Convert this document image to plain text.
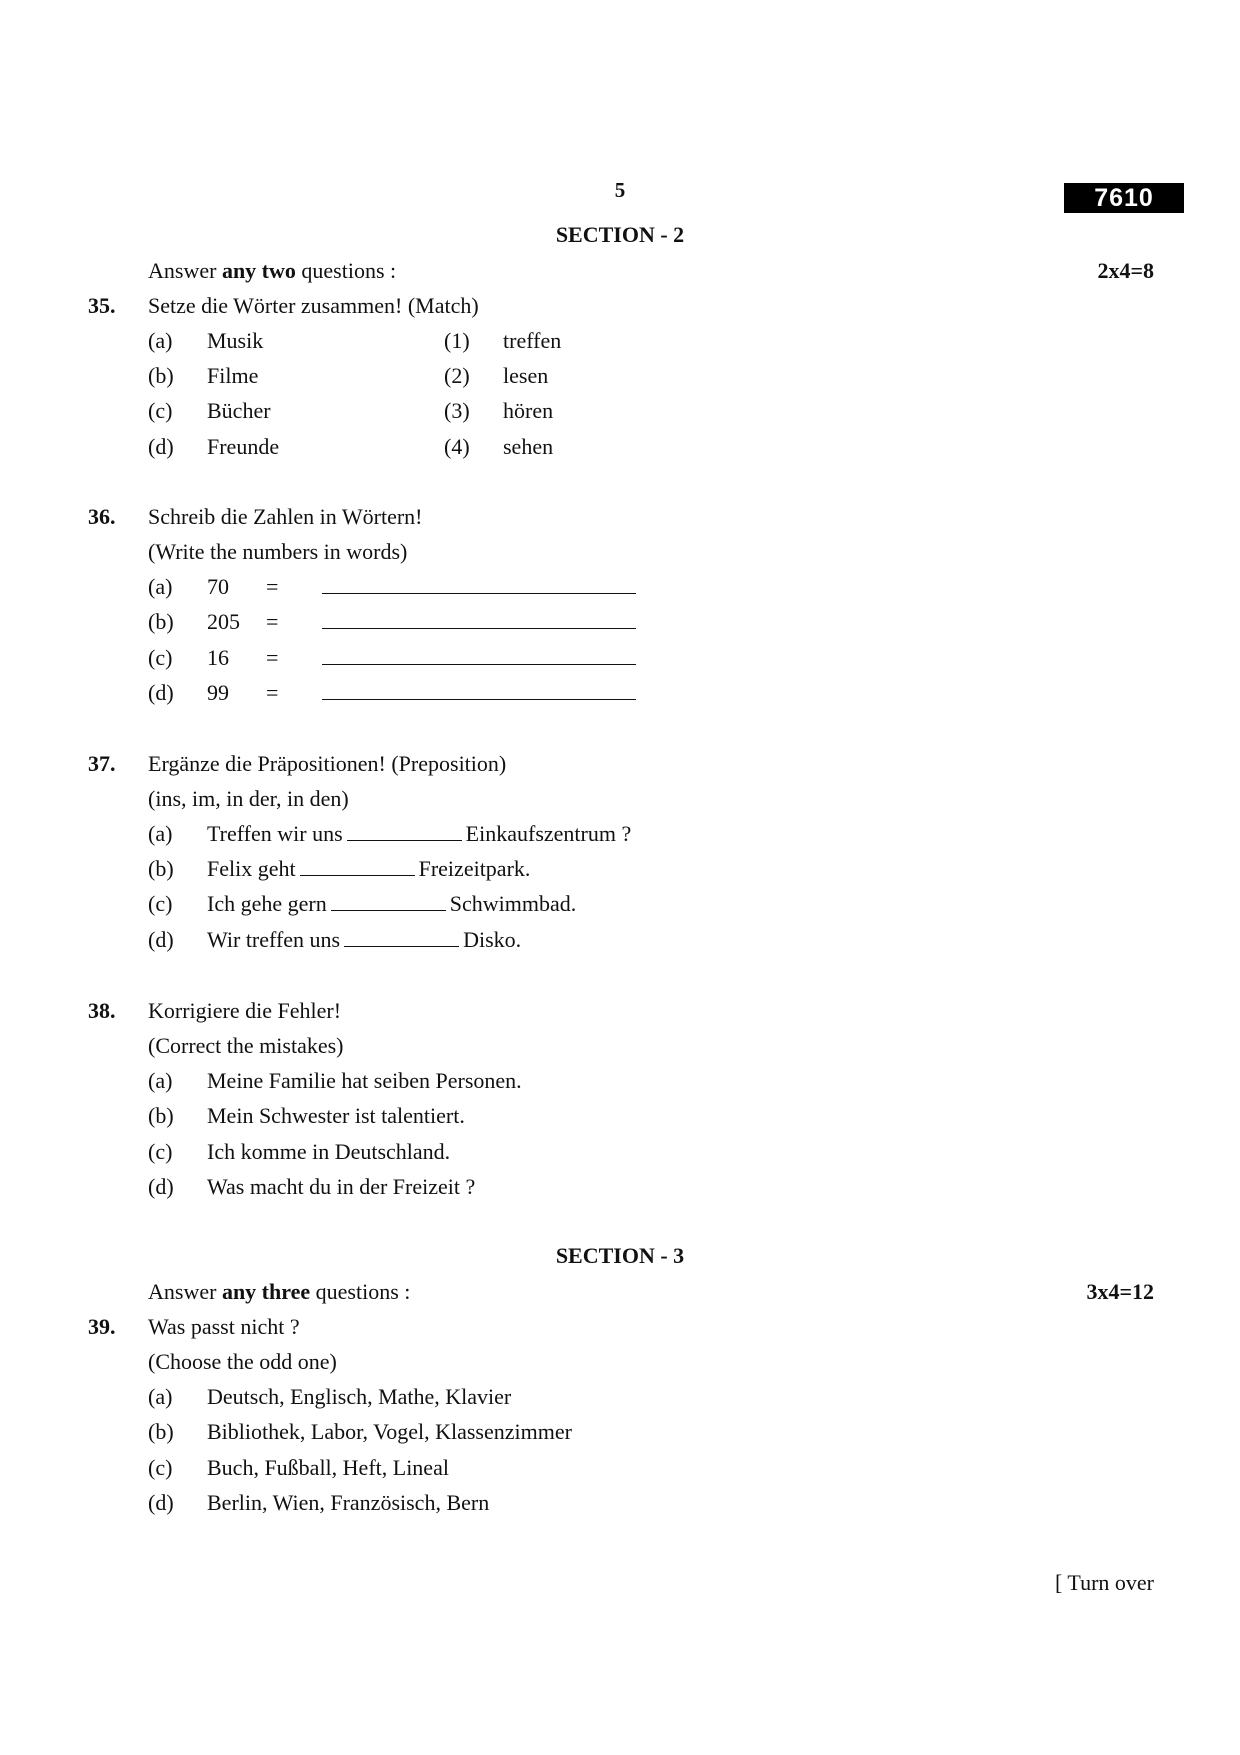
5	7610
SECTION - 2
Answer any two questions :	2x4=8
35. Setze die Wörter zusammen! (Match)
(a) Musik	(1) treffen
(b) Filme	(2) lesen
(c) Bücher	(3) hören
(d) Freunde	(4) sehen
36. Schreib die Zahlen in Wörtern!
(Write the numbers in words)
(a) 70 =
(b) 205 =
(c) 16 =
(d) 99 =
37. Ergänze die Präpositionen! (Preposition)
(ins, im, in der, in den)
(a) Treffen wir uns	Einkaufszentrum ?
(b) Felix geht	Freizeitpark.
(c) Ich gehe gern	Schwimmbad.
(d) Wir treffen uns	Disko.
38. Korrigiere die Fehler!
(Correct the mistakes)
(a) Meine Familie hat seiben Personen.
(b) Mein Schwester ist talentiert.
(c) Ich komme in Deutschland.
(d) Was macht du in der Freizeit ?
SECTION - 3
Answer any three questions :	3x4=12
39. Was passt nicht ?
(Choose the odd one)
(a) Deutsch, Englisch, Mathe, Klavier
(b) Bibliothek, Labor, Vogel, Klassenzimmer
(c) Buch, Fußball, Heft, Lineal
(d) Berlin, Wien, Französisch, Bern
[ Turn over
